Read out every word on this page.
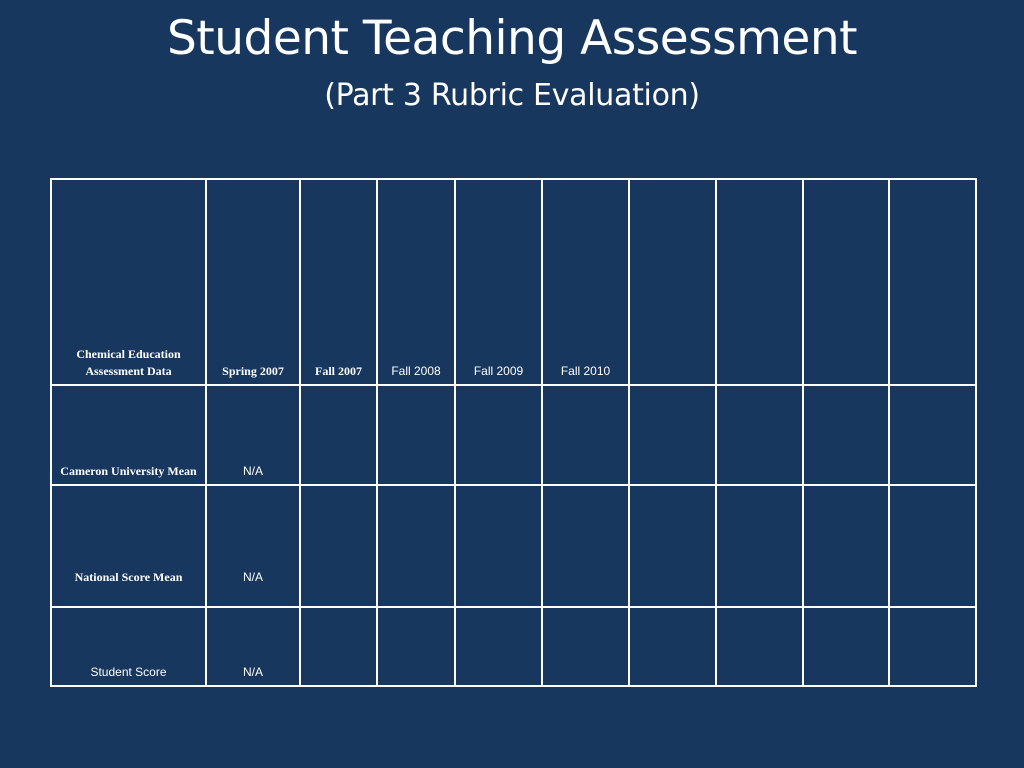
Student Teaching Assessment
(Part 3 Rubric Evaluation)
Chemical Education Assessment Data	Spring 2007	Fall 2007	Fall 2008	Fall 2009	Fall 2010				
Cameron University Mean	N/A								
National Score Mean	N/A								
Student Score	N/A								
